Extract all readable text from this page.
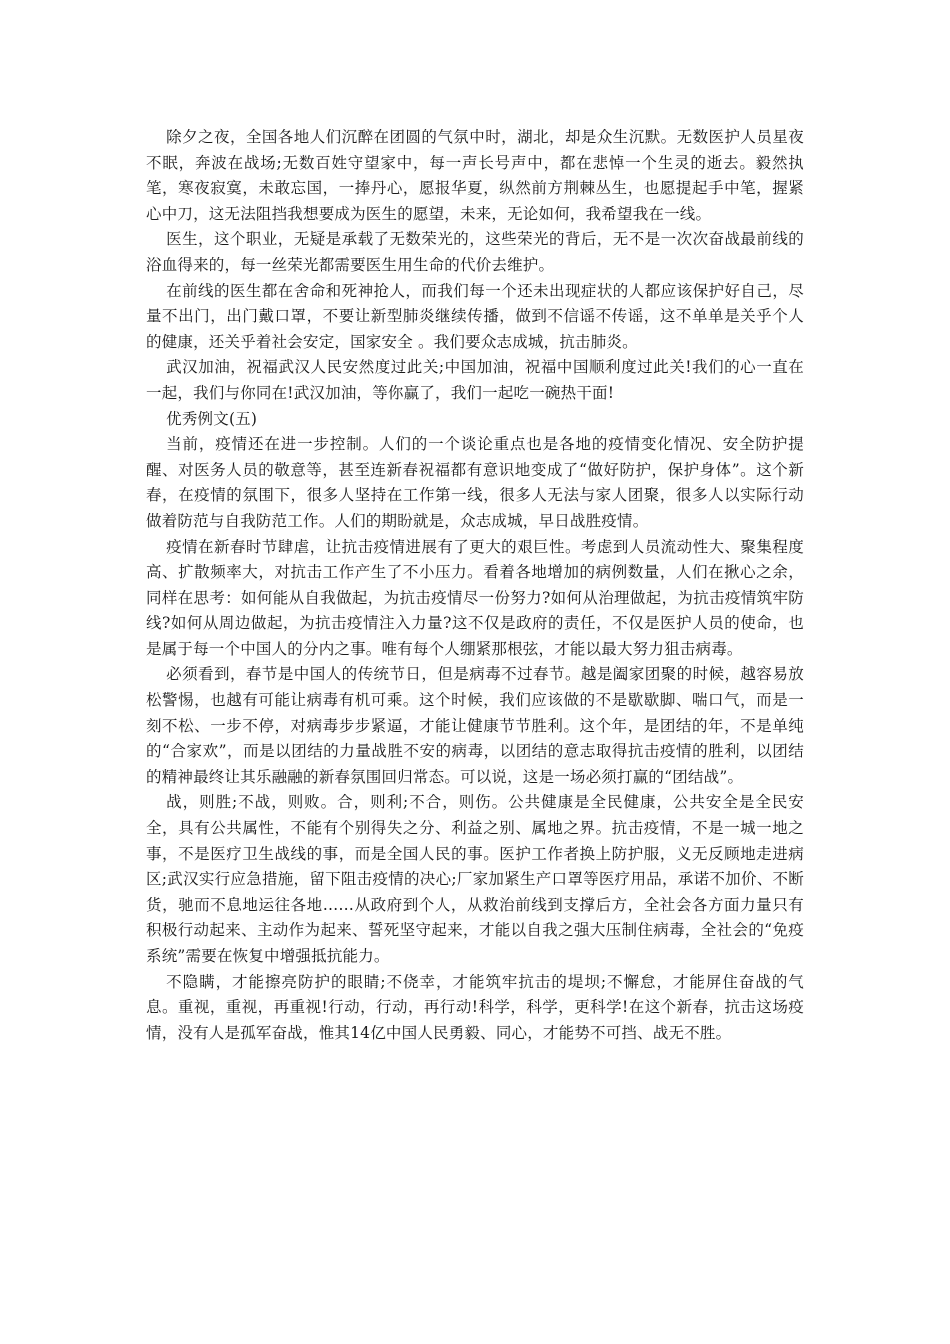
除夕之夜，全国各地人们沉醉在团圆的气氛中时，湖北，却是众生沉默。无数医护人员星夜不眠，奔波在战场;无数百姓守望家中，每一声长号声中，都在悲悼一个生灵的逝去。毅然执笔，寒夜寂寞，未敢忘国，一捧丹心，愿报华夏，纵然前方荆棘丛生，也愿提起手中笔，握紧心中刀，这无法阻挡我想要成为医生的愿望，未来，无论如何，我希望我在一线。

医生，这个职业，无疑是承载了无数荣光的，这些荣光的背后，无不是一次次奋战最前线的浴血得来的，每一丝荣光都需要医生用生命的代价去维护。

在前线的医生都在舍命和死神抢人，而我们每一个还未出现症状的人都应该保护好自己，尽量不出门，出门戴口罩，不要让新型肺炎继续传播，做到不信谣不传谣，这不单单是关乎个人的健康，还关乎着社会安定，国家安全 。我们要众志成城，抗击肺炎。

武汉加油，祝福武汉人民安然度过此关;中国加油，祝福中国顺利度过此关!我们的心一直在一起，我们与你同在!武汉加油，等你赢了，我们一起吃一碗热干面!

优秀例文(五)

当前，疫情还在进一步控制。人们的一个谈论重点也是各地的疫情变化情况、安全防护提醒、对医务人员的敬意等，甚至连新春祝福都有意识地变成了“做好防护，保护身体”。这个新春，在疫情的氛围下，很多人坚持在工作第一线，很多人无法与家人团聚，很多人以实际行动做着防范与自我防范工作。人们的期盼就是，众志成城，早日战胜疫情。

疫情在新春时节肆虐，让抗击疫情进展有了更大的艰巨性。考虑到人员流动性大、聚集程度高、扩散频率大，对抗击工作产生了不小压力。看着各地增加的病例数量，人们在揪心之余，同样在思考：如何能从自我做起，为抗击疫情尽一份努力?如何从治理做起，为抗击疫情筑牢防线?如何从周边做起，为抗击疫情注入力量?这不仅是政府的责任，不仅是医护人员的使命，也是属于每一个中国人的分内之事。唯有每个人绷紧那根弦，才能以最大努力狙击病毒。

必须看到，春节是中国人的传统节日，但是病毒不过春节。越是阖家团聚的时候，越容易放松警惕，也越有可能让病毒有机可乘。这个时候，我们应该做的不是歇歇脚、喘口气，而是一刻不松、一步不停，对病毒步步紧逼，才能让健康节节胜利。这个年，是团结的年，不是单纯的“合家欢”，而是以团结的力量战胜不安的病毒，以团结的意志取得抗击疫情的胜利，以团结的精神最终让其乐融融的新春氛围回归常态。可以说，这是一场必须打赢的“团结战”。

战，则胜;不战，则败。合，则利;不合，则伤。公共健康是全民健康，公共安全是全民安全，具有公共属性，不能有个别得失之分、利益之别、属地之界。抗击疫情，不是一城一地之事，不是医疗卫生战线的事，而是全国人民的事。医护工作者换上防护服，义无反顾地走进病区;武汉实行应急措施，留下阻击疫情的决心;厂家加紧生产口罩等医疗用品，承诺不加价、不断货，驰而不息地运往各地……从政府到个人，从救治前线到支撑后方，全社会各方面力量只有积极行动起来、主动作为起来、誓死坚守起来，才能以自我之强大压制住病毒，全社会的“免疫系统”需要在恢复中增强抵抗能力。

不隐瞒，才能擦亮防护的眼睛;不侥幸，才能筑牢抗击的堤坝;不懈怠，才能屏住奋战的气息。重视，重视，再重视!行动，行动，再行动!科学，科学，更科学!在这个新春，抗击这场疫情，没有人是孤军奋战，惟其14亿中国人民勇毅、同心，才能势不可挡、战无不胜。
